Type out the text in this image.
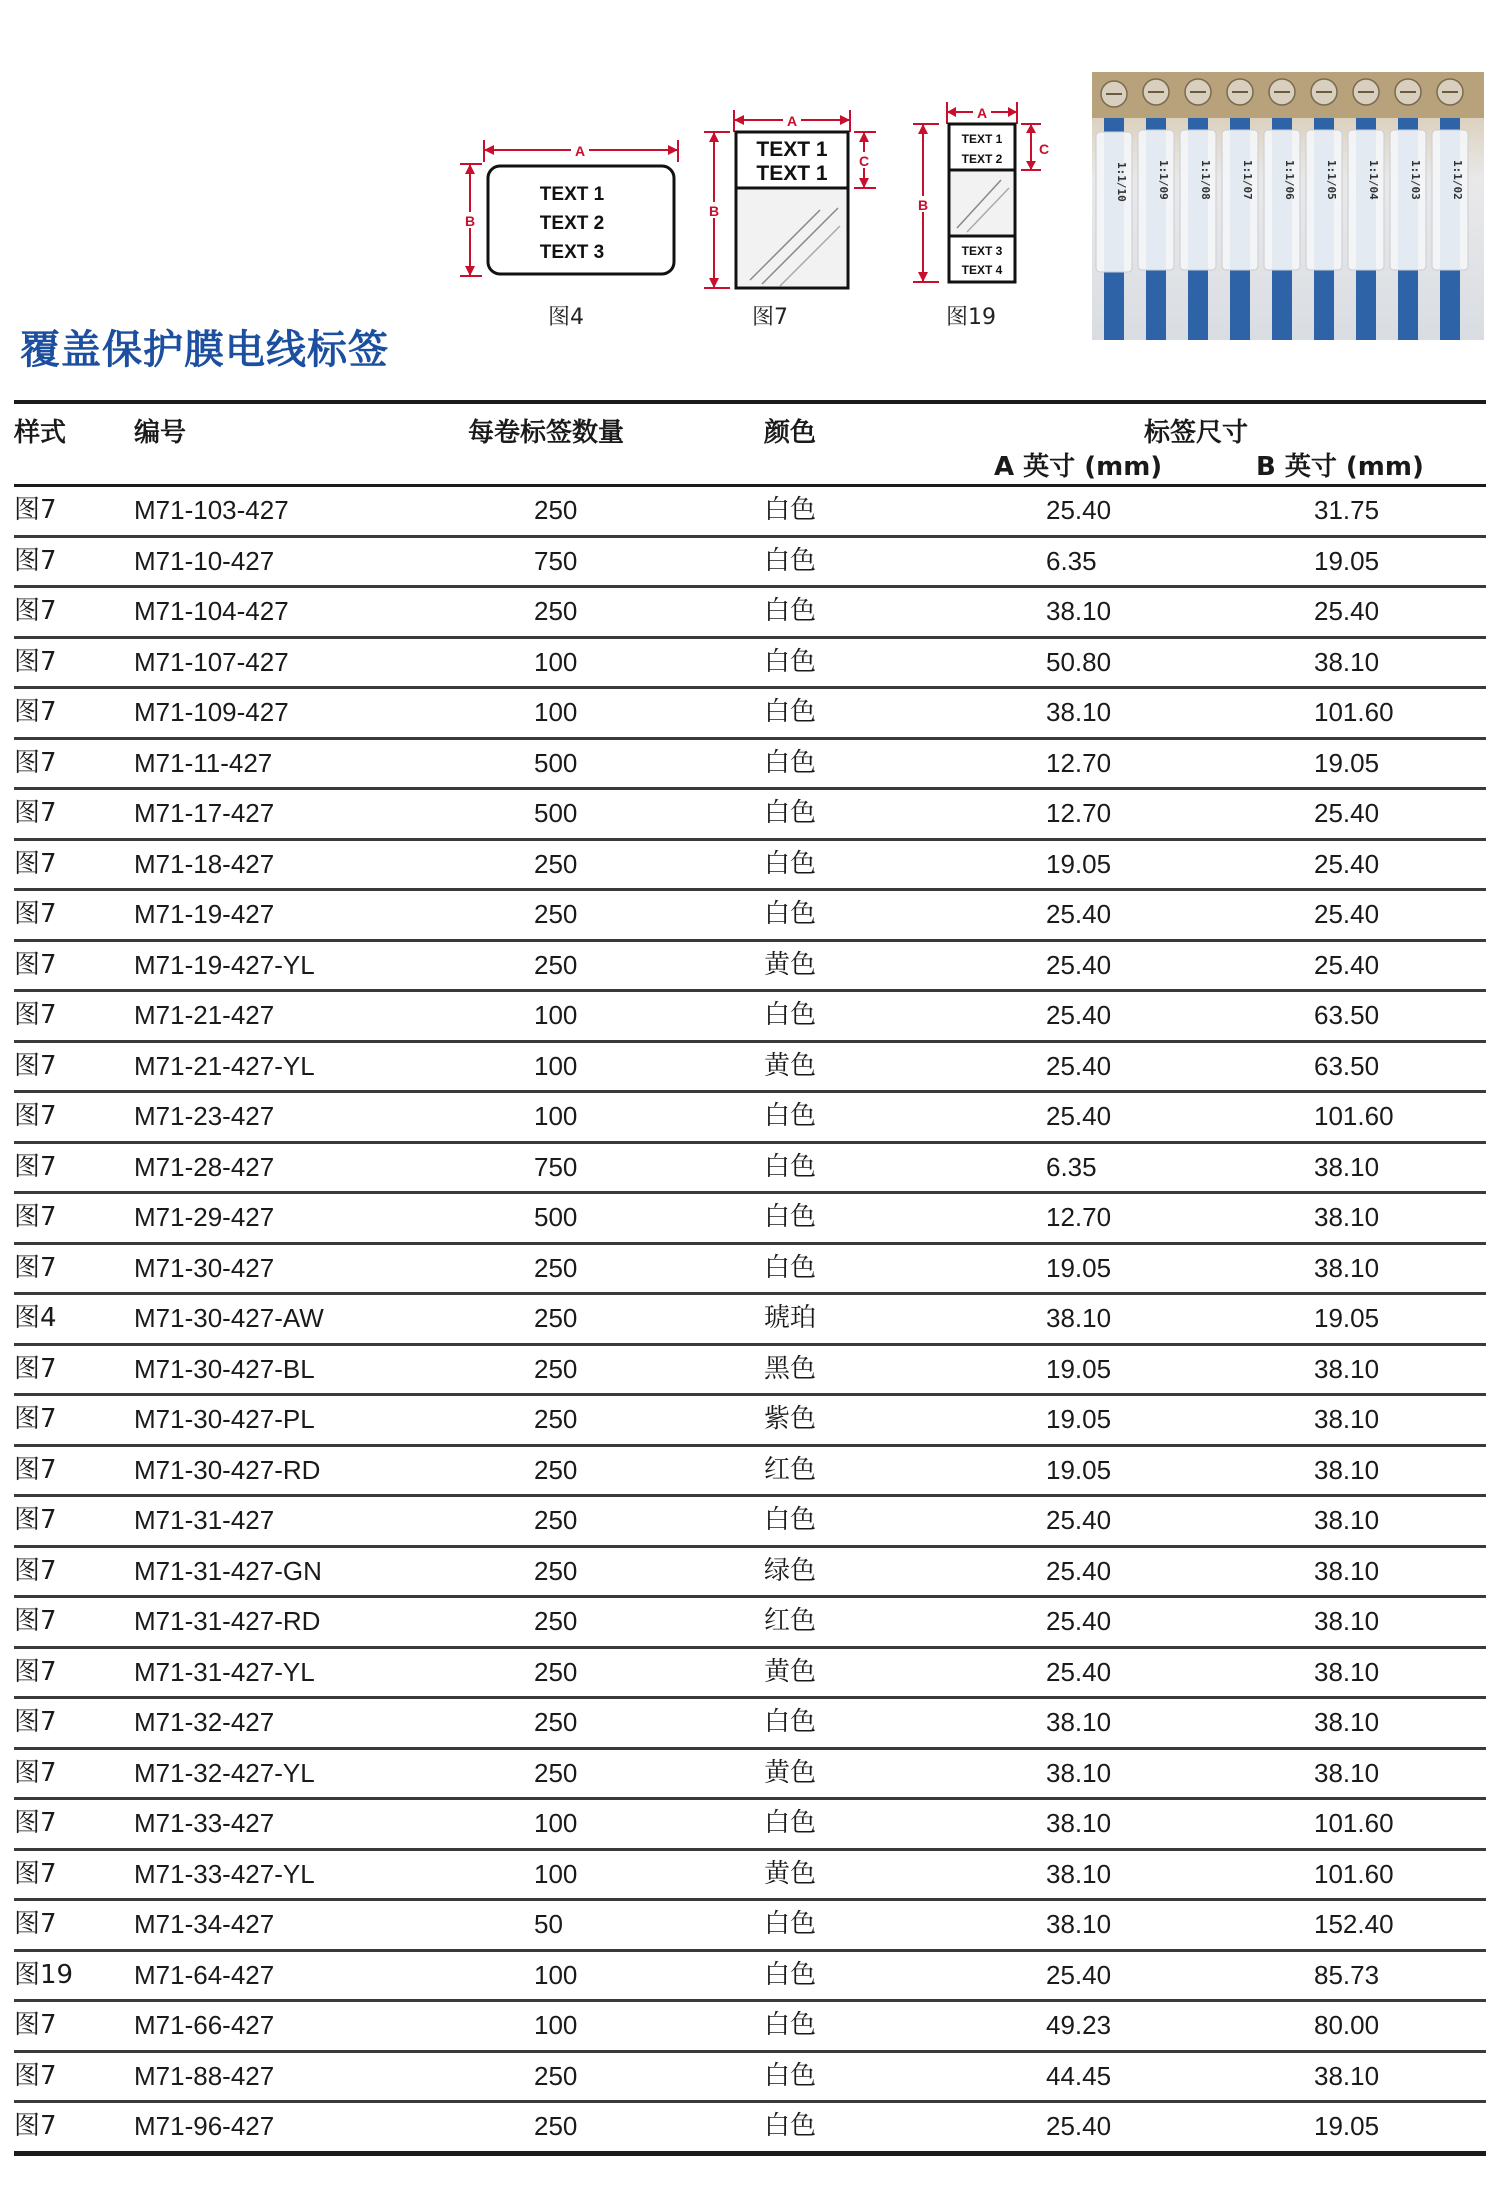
A
B
TEXT 1
TEXT 2
TEXT 3
图4
A
B
C
TEXT 1
TEXT 1
图7
A
B
C
TEXT 1
TEXT 2
TEXT 3
TEXT 4
图19
1:1/10	1:1/09	1:1/08	1:1/07	1:1/06	1:1/05	1:1/04	1:1/03	1:1/02
覆盖保护膜电线标签
样式	编号	每卷标签数量	颜色	标签尺寸
A 英寸 (mm)	B 英寸 (mm)
图7	M71-103-427	250	白色	25.40	31.75
图7	M71-10-427	750	白色	6.35	19.05
图7	M71-104-427	250	白色	38.10	25.40
图7	M71-107-427	100	白色	50.80	38.10
图7	M71-109-427	100	白色	38.10	101.60
图7	M71-11-427	500	白色	12.70	19.05
图7	M71-17-427	500	白色	12.70	25.40
图7	M71-18-427	250	白色	19.05	25.40
图7	M71-19-427	250	白色	25.40	25.40
图7	M71-19-427-YL	250	黄色	25.40	25.40
图7	M71-21-427	100	白色	25.40	63.50
图7	M71-21-427-YL	100	黄色	25.40	63.50
图7	M71-23-427	100	白色	25.40	101.60
图7	M71-28-427	750	白色	6.35	38.10
图7	M71-29-427	500	白色	12.70	38.10
图7	M71-30-427	250	白色	19.05	38.10
图4	M71-30-427-AW	250	琥珀	38.10	19.05
图7	M71-30-427-BL	250	黑色	19.05	38.10
图7	M71-30-427-PL	250	紫色	19.05	38.10
图7	M71-30-427-RD	250	红色	19.05	38.10
图7	M71-31-427	250	白色	25.40	38.10
图7	M71-31-427-GN	250	绿色	25.40	38.10
图7	M71-31-427-RD	250	红色	25.40	38.10
图7	M71-31-427-YL	250	黄色	25.40	38.10
图7	M71-32-427	250	白色	38.10	38.10
图7	M71-32-427-YL	250	黄色	38.10	38.10
图7	M71-33-427	100	白色	38.10	101.60
图7	M71-33-427-YL	100	黄色	38.10	101.60
图7	M71-34-427	50	白色	38.10	152.40
图19 M71-64-427	100	白色	25.40	85.73
图7	M71-66-427	100	白色	49.23	80.00
图7	M71-88-427	250	白色	44.45	38.10
图7	M71-96-427	250	白色	25.40	19.05
